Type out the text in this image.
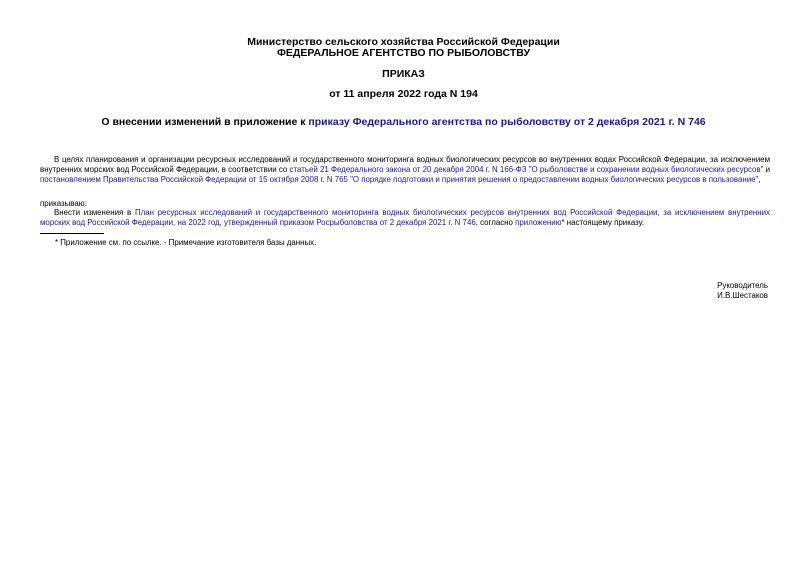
Министерство сельского хозяйства Российской Федерации
ФЕДЕРАЛЬНОЕ АГЕНТСТВО ПО РЫБОЛОВСТВУ
ПРИКАЗ
от 11 апреля 2022 года N 194
О внесении изменений в приложение к приказу Федерального агентства по рыболовству от 2 декабря 2021 г. N 746
В целях планирования и организации ресурсных исследований и государственного мониторинга водных биологических ресурсов во внутренних водах Российской Федерации, за исключением внутренних морских вод Российской Федерации, в соответствии со статьей 21 Федерального закона от 20 декабря 2004 г. N 166-ФЗ "О рыболовстве и сохранении водных биологических ресурсов" и постановлением Правительства Российской Федерации от 15 октября 2008 г. N 765 "О порядке подготовки и принятия решения о предоставлении водных биологических ресурсов в пользование",
приказываю:
Внести изменения в План ресурсных исследований и государственного мониторинга водных биологических ресурсов внутренних вод Российской Федерации, за исключением внутренних морских вод Российской Федерации, на 2022 год, утвержденный приказом Росрыболовства от 2 декабря 2021 г. N 746, согласно приложению* настоящему приказу.
* Приложение см. по ссылке. - Примечание изготовителя базы данных.
Руководитель
И.В.Шестаков
